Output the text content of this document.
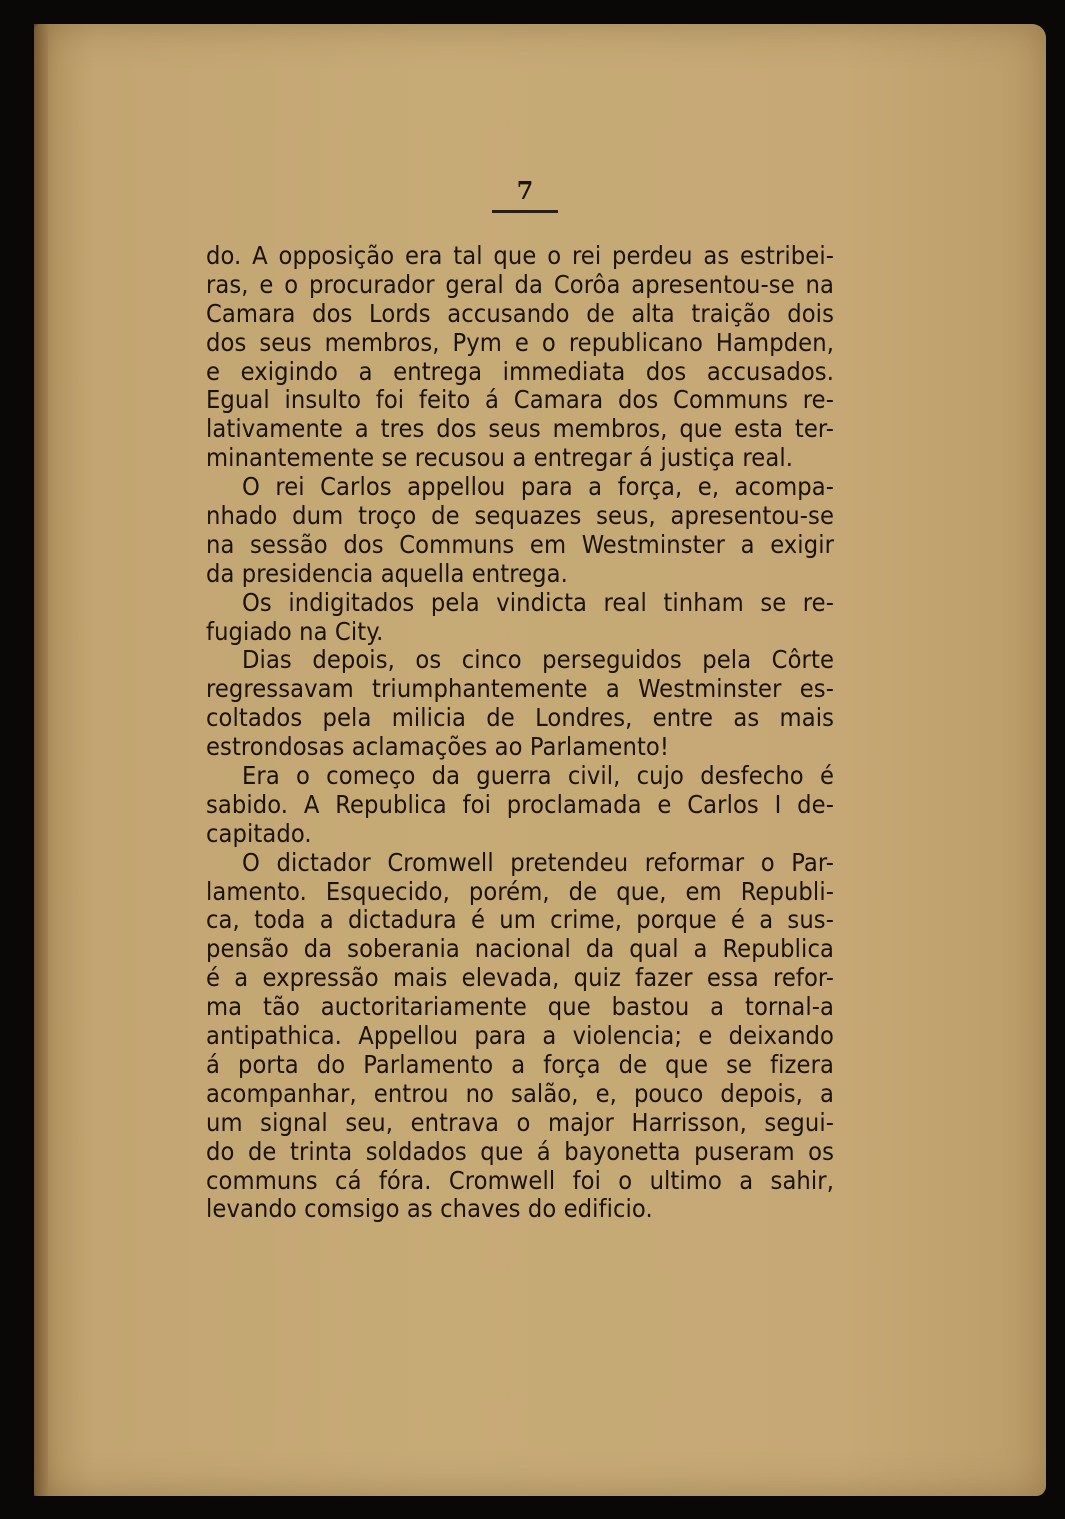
7
do. A opposição era tal que o rei perdeu as estribei-
ras, e o procurador geral da Corôa apresentou-se na
Camara dos Lords accusando de alta traição dois
dos seus membros, Pym e o republicano Hampden,
e exigindo a entrega immediata dos accusados.
Egual insulto foi feito á Camara dos Communs re-
lativamente a tres dos seus membros, que esta ter-
minantemente se recusou a entregar á justiça real.
O rei Carlos appellou para a força, e, acompa-
nhado dum troço de sequazes seus, apresentou-se
na sessão dos Communs em Westminster a exigir
da presidencia aquella entrega.
Os indigitados pela vindicta real tinham se re-
fugiado na City.
Dias depois, os cinco perseguidos pela Côrte
regressavam triumphantemente a Westminster es-
coltados pela milicia de Londres, entre as mais
estrondosas aclamações ao Parlamento!
Era o começo da guerra civil, cujo desfecho é
sabido. A Republica foi proclamada e Carlos I de-
capitado.
O dictador Cromwell pretendeu reformar o Par-
lamento. Esquecido, porém, de que, em Republi-
ca, toda a dictadura é um crime, porque é a sus-
pensão da soberania nacional da qual a Republica
é a expressão mais elevada, quiz fazer essa refor-
ma tão auctoritariamente que bastou a tornal-a
antipathica. Appellou para a violencia; e deixando
á porta do Parlamento a força de que se fizera
acompanhar, entrou no salão, e, pouco depois, a
um signal seu, entrava o major Harrisson, segui-
do de trinta soldados que á bayonetta puseram os
communs cá fóra. Cromwell foi o ultimo a sahir,
levando comsigo as chaves do edificio.
